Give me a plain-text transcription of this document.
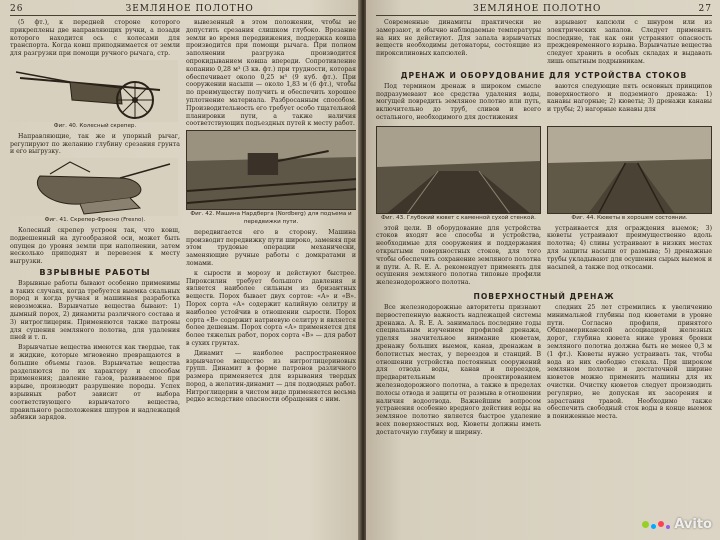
26	ЗЕМЛЯНОЕ ПОЛОТНО

(5 фт.), к передней стороне которого прикреплены две направляющих ручки, а позади которого находится ось с колесами для транспорта. Когда ковш приподнимается от земли для разгрузки при помощи ручного рычага, стр.

Фиг. 40. Колесный скрепер.

Направляющие, так же и упорный рычаг, регулируют по желанию глубину срезания грунта и его выгрузку.

Фиг. 41. Скрепер-Фресно (Fresno).

Колесный скрепер устроен так, что ковш, подвешенный на дугообразной оси, может быть опущен до уровня земли при наполнении, затем несколько приподнят и перевезен к месту выгрузки.

ВЗРЫВНЫЕ РАБОТЫ

Взрывные работы бывают особенно применимы в таких случаях, когда требуется выемка скальных пород и когда ручная и машинная разработка невозможна. Взрывчатые вещества бывают: 1) дымный порох, 2) динамиты различного состава и 3) нитроглицерин. Применяются также патроны для сушения земляного полотна, для удаления пней и т. п.

Взрывчатые вещества имеются как твердые, так и жидкие, которые мгновенно превращаются в большие объемы газов. Взрывчатые вещества разделяются по их характеру и способам применения; давление газов, развиваемое при взрыве, производит разрушение породы. Успех взрывных работ зависит от выбора соответствующего взрывчатого вещества, правильного расположения шпуров и надлежащей забивки зарядов.

вывезенный в этом положении, чтобы не допустить срезания слишком глубоко. Врезание земли во время передвижения, поддержка ковша производится при помощи рычага. При полном заполнении разгрузка производится опрокидыванием ковша впереди. Сопротивление копанию 0,28 м³ (3 кв. фт.) при трудности, которая обеспечивает около 0,25 м³ (9 куб. фт.). При сооружении насыпи — около 1,83 м (6 фт.), чтобы по преимуществу получить и обеспечить хорошее уплотнение материала. Разбросанным способом. Производительность его требует особо тщательной планировки пути, а также наличия соответствующих подъездных путей к месту работ.

Фиг. 42. Машина Нардберга (Nordberg) для подъема и передвижки пути.

передвигается его в сторону. Машина производит передвижку пути широко, заменяя при этом трудовые операции механически, заменяющие ручные работы с домкратами и ломами.

к сырости и морозу и действуют быстрее. Пироксилин требует большого давления и является наиболее сильным из бризантных веществ. Порох бывает двух сортов: «А» и «В». Порох сорта «А» содержит калийную селитру и наиболее устойчив в отношении сырости. Порох сорта «В» содержит натриевую селитру и является более дешевым. Порох сорта «А» применяется для более тяжелых работ, порох сорта «В» — для работ в сухих грунтах.

Динамит — наиболее распространенное взрывчатое вещество из нитроглицериновых групп. Динамит в форме патронов различного размера применяется для взрывания твердых пород, а желатин-динамит — для подводных работ. Нитроглицерин в чистом виде применяется весьма редко вследствие опасности обращения с ним.

ЗЕМЛЯНОЕ ПОЛОТНО	27

Современные динамиты практически не замерзают, и обычно наблюдаемые температуры на них не действуют. Для запала взрывчатых веществ необходимы детонаторы, состоящие из пироксилиновых капсюлей.

взрывают капсюли с шнуром или из электрических запалов. Следует применять последние, так как они устраняют опасность преждевременного взрыва. Взрывчатые вещества следует хранить в особых складах и выдавать лишь опытным подрывникам.

ДРЕНАЖ И ОБОРУДОВАНИЕ ДЛЯ УСТРОЙСТВА СТОКОВ

Под термином дренаж в широком смысле подразумевают все средства удаления воды, могущей повредить земляное полотно или путь, включительно до труб, сливов и всего остального, необходимого для достижения

ваются следующие пять основных принципов поверхностного и подземного дренажа: 1) канавы нагорные; 2) кюветы; 3) дренажи канавы и трубы; 2) нагорные канавы для

Фиг. 43. Глубокий кювет с каменной сухой стенкой.	Фиг. 44. Кюветы в хорошем состоянии.

этой цели. В оборудование для устройства стоков входят все способы и устройства, необходимые для сооружения и поддержания открытыми поверхностных стоков, для того чтобы обеспечить сохранение земляного полотна и пути. А. R. E. A. рекомендует применять для осушения земляного полотна типовые профили железнодорожного полотна.

устраивается для ограждения выемок; 3) кюветы устраивают преимущественно вдоль полотна; 4) сливы устраивают в низких местах для защиты насыпи от размыва; 5) дренажные трубы укладывают для осушения сырых выемок и насыпей, а также под откосами.

ПОВЕРХНОСТНЫЙ ДРЕНАЖ

Все железнодорожные авторитеты признают первостепенную важность надлежащей системы дренажа. А. R. E. A. занималась последние годы специальным изучением профилей дренажа, уделяя значительное внимание кюветам, дренажу больших выемок, канав, дренажам в болотистых местах, у переездов и станций. В отношении устройства постоянных сооружений для отвода воды, канав и переездов, предварительным проектированием железнодорожного полотна, а также в пределах полосы отвода и защиты от размыва в отношении наличия водоотвода. Важнейшим вопросом устранения особенно вредного действия воды на земляное полотно является быстрое удаление всех поверхностных вод. Кюветы должны иметь достаточную глубину и ширину.

следних 25 лет стремились к увеличению минимальной глубины под кюветами в уровне пути. Согласно профиля, принятого Общеамериканской ассоциацией железных дорог, глубина кювета ниже уровня бровки земляного полотна должна быть не менее 0,3 м (1 фт.). Кюветы нужно устраивать так, чтобы вода из них свободно стекала. При широком земляном полотне и достаточной ширине кюветов можно применить машины для их очистки. Очистку кюветов следует производить регулярно, не допуская их засорения и зарастания травой. Необходимо также обеспечить свободный сток воды в конце выемок в пониженные места.

Avito
